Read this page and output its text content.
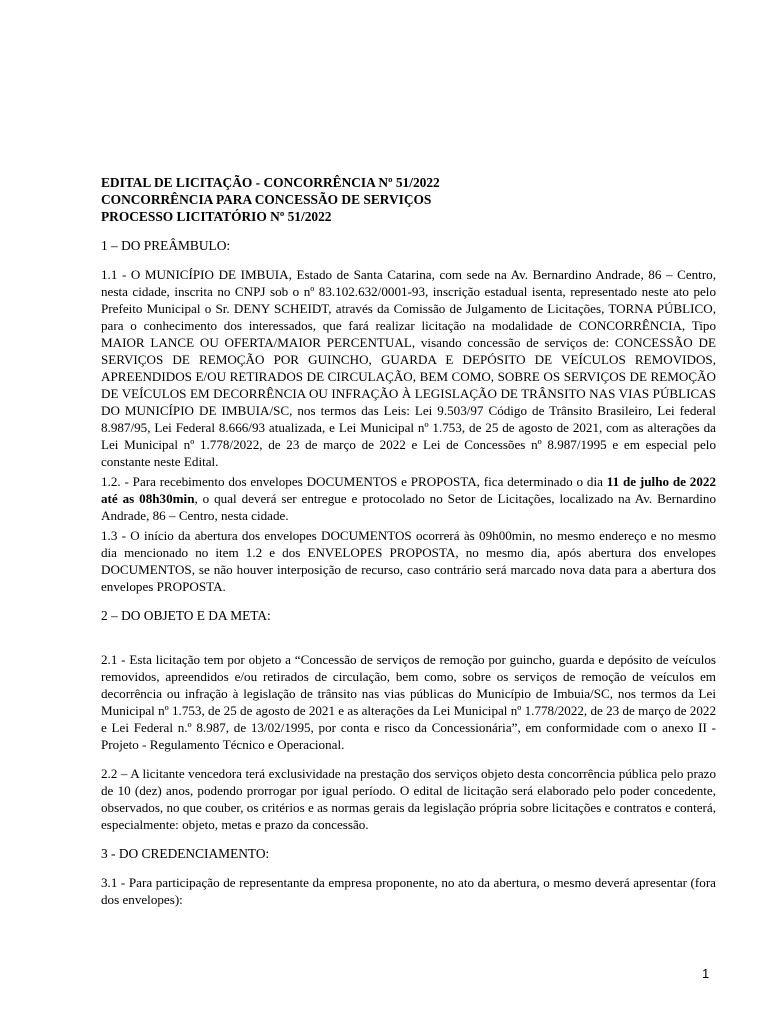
EDITAL DE LICITAÇÃO - CONCORRÊNCIA Nº 51/2022

CONCORRÊNCIA PARA CONCESSÃO DE SERVIÇOS

PROCESSO LICITATÓRIO Nº 51/2022

1 – DO PREÂMBULO:

1.1 - O MUNICÍPIO DE IMBUIA, Estado de Santa Catarina, com sede na Av. Bernardino Andrade, 86 – Centro, nesta cidade, inscrita no CNPJ sob o nº 83.102.632/0001-93, inscrição estadual isenta, representado neste ato pelo Prefeito Municipal o Sr. DENY SCHEIDT, através da Comissão de Julgamento de Licitações, TORNA PÚBLICO, para o conhecimento dos interessados, que fará realizar licitação na modalidade de CONCORRÊNCIA, Tipo MAIOR LANCE OU OFERTA/MAIOR PERCENTUAL, visando concessão de serviços de: CONCESSÃO DE SERVIÇOS DE REMOÇÃO POR GUINCHO, GUARDA E DEPÓSITO DE VEÍCULOS REMOVIDOS, APREENDIDOS E/OU RETIRADOS DE CIRCULAÇÃO, BEM COMO, SOBRE OS SERVIÇOS DE REMOÇÃO DE VEÍCULOS EM DECORRÊNCIA OU INFRAÇÃO À LEGISLAÇÃO DE TRÂNSITO NAS VIAS PÚBLICAS DO MUNICÍPIO DE IMBUIA/SC, nos termos das Leis: Lei 9.503/97 Código de Trânsito Brasileiro, Lei federal 8.987/95, Lei Federal 8.666/93 atualizada, e Lei Municipal nº 1.753, de 25 de agosto de 2021, com as alterações da Lei Municipal nº 1.778/2022, de 23 de março de 2022 e Lei de Concessões nº 8.987/1995 e em especial pelo constante neste Edital.

1.2. - Para recebimento dos envelopes DOCUMENTOS e PROPOSTA, fica determinado o dia 11 de julho de 2022 até as 08h30min, o qual deverá ser entregue e protocolado no Setor de Licitações, localizado na Av. Bernardino Andrade, 86 – Centro, nesta cidade.

1.3 - O início da abertura dos envelopes DOCUMENTOS ocorrerá às 09h00min, no mesmo endereço e no mesmo dia mencionado no item 1.2 e dos ENVELOPES PROPOSTA, no mesmo dia, após abertura dos envelopes DOCUMENTOS, se não houver interposição de recurso, caso contrário será marcado nova data para a abertura dos envelopes PROPOSTA.

2 – DO OBJETO E DA META:

2.1 - Esta licitação tem por objeto a “Concessão de serviços de remoção por guincho, guarda e depósito de veículos removidos, apreendidos e/ou retirados de circulação, bem como, sobre os serviços de remoção de veículos em decorrência ou infração à legislação de trânsito nas vias públicas do Município de Imbuia/SC, nos termos da Lei Municipal nº 1.753, de 25 de agosto de 2021 e as alterações da Lei Municipal nº 1.778/2022, de 23 de março de 2022 e Lei Federal n.º 8.987, de 13/02/1995, por conta e risco da Concessionária”, em conformidade com o anexo II - Projeto - Regulamento Técnico e Operacional.

2.2 – A licitante vencedora terá exclusividade na prestação dos serviços objeto desta concorrência pública pelo prazo de 10 (dez) anos, podendo prorrogar por igual período. O edital de licitação será elaborado pelo poder concedente, observados, no que couber, os critérios e as normas gerais da legislação própria sobre licitações e contratos e conterá, especialmente: objeto, metas e prazo da concessão.

3 - DO CREDENCIAMENTO:

3.1 - Para participação de representante da empresa proponente, no ato da abertura, o mesmo deverá apresentar (fora dos envelopes):

1
